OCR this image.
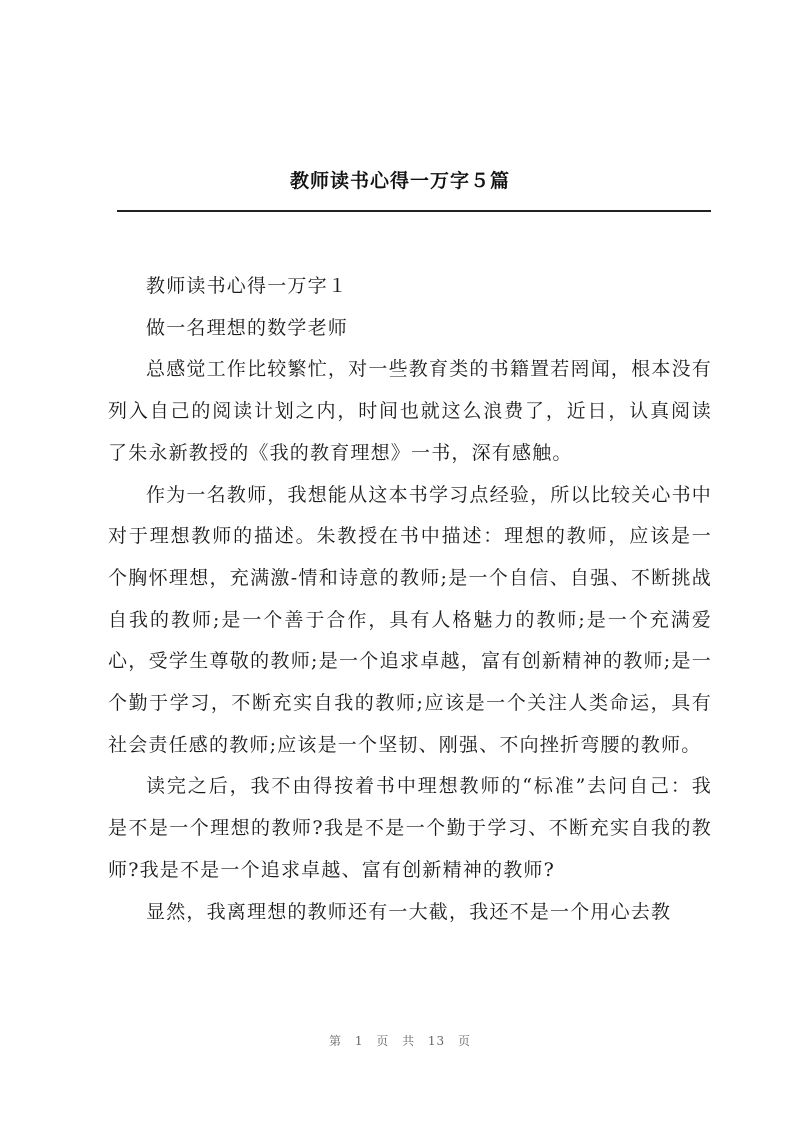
教师读书心得一万字５篇

教师读书心得一万字１

做一名理想的数学老师

总感觉工作比较繁忙，对一些教育类的书籍置若罔闻，根本没有列入自己的阅读计划之内，时间也就这么浪费了，近日，认真阅读了朱永新教授的《我的教育理想》一书，深有感触。

作为一名教师，我想能从这本书学习点经验，所以比较关心书中对于理想教师的描述。朱教授在书中描述：理想的教师，应该是一个胸怀理想，充满激-情和诗意的教师;是一个自信、自强、不断挑战自我的教师;是一个善于合作，具有人格魅力的教师;是一个充满爱心，受学生尊敬的教师;是一个追求卓越，富有创新精神的教师;是一个勤于学习，不断充实自我的教师;应该是一个关注人类命运，具有社会责任感的教师;应该是一个坚韧、刚强、不向挫折弯腰的教师。

读完之后，我不由得按着书中理想教师的“标准”去问自己：我是不是一个理想的教师?我是不是一个勤于学习、不断充实自我的教师?我是不是一个追求卓越、富有创新精神的教师?

显然，我离理想的教师还有一大截，我还不是一个用心去教

第 1 页 共 13 页
